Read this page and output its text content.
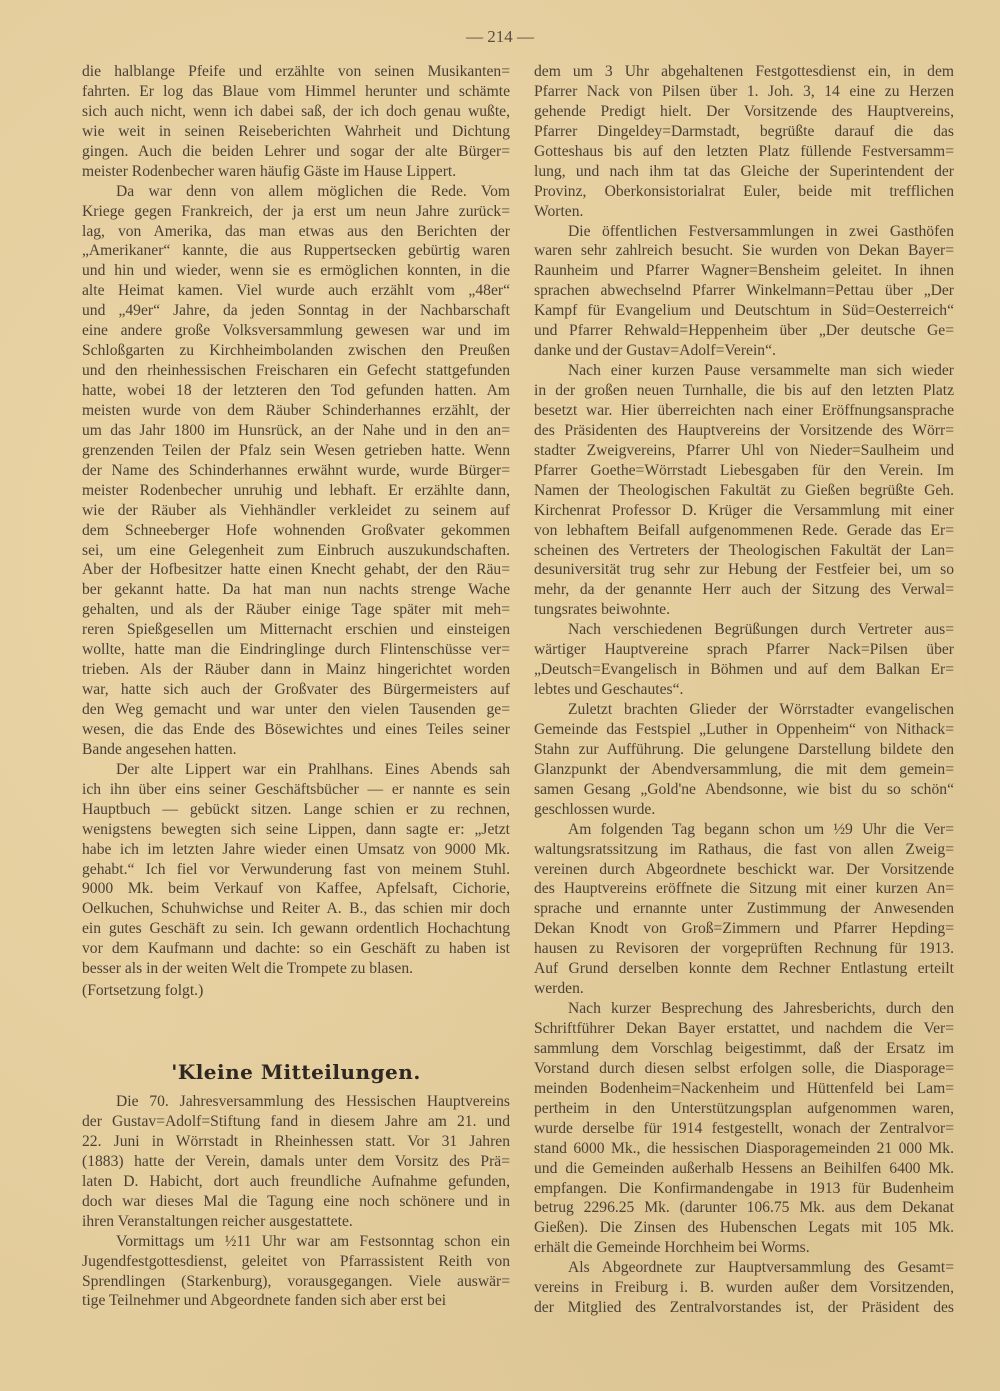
— 214 —
die halblange Pfeife und erzählte von seinen Musikanten=
fahrten. Er log das Blaue vom Himmel herunter und schämte
sich auch nicht, wenn ich dabei saß, der ich doch genau wußte,
wie weit in seinen Reiseberichten Wahrheit und Dichtung
gingen. Auch die beiden Lehrer und sogar der alte Bürger=
meister Rodenbecher waren häufig Gäste im Hause Lippert.
Da war denn von allem möglichen die Rede. Vom
Kriege gegen Frankreich, der ja erst um neun Jahre zurück=
lag, von Amerika, das man etwas aus den Berichten der
„Amerikaner“ kannte, die aus Ruppertsecken gebürtig waren
und hin und wieder, wenn sie es ermöglichen konnten, in die
alte Heimat kamen. Viel wurde auch erzählt vom „48er“
und „49er“ Jahre, da jeden Sonntag in der Nachbarschaft
eine andere große Volksversammlung gewesen war und im
Schloßgarten zu Kirchheimbolanden zwischen den Preußen
und den rheinhessischen Freischaren ein Gefecht stattgefunden
hatte, wobei 18 der letzteren den Tod gefunden hatten. Am
meisten wurde von dem Räuber Schinderhannes erzählt, der
um das Jahr 1800 im Hunsrück, an der Nahe und in den an=
grenzenden Teilen der Pfalz sein Wesen getrieben hatte. Wenn
der Name des Schinderhannes erwähnt wurde, wurde Bürger=
meister Rodenbecher unruhig und lebhaft. Er erzählte dann,
wie der Räuber als Viehhändler verkleidet zu seinem auf
dem Schneeberger Hofe wohnenden Großvater gekommen
sei, um eine Gelegenheit zum Einbruch auszukundschaften.
Aber der Hofbesitzer hatte einen Knecht gehabt, der den Räu=
ber gekannt hatte. Da hat man nun nachts strenge Wache
gehalten, und als der Räuber einige Tage später mit meh=
reren Spießgesellen um Mitternacht erschien und einsteigen
wollte, hatte man die Eindringlinge durch Flintenschüsse ver=
trieben. Als der Räuber dann in Mainz hingerichtet worden
war, hatte sich auch der Großvater des Bürgermeisters auf
den Weg gemacht und war unter den vielen Tausenden ge=
wesen, die das Ende des Bösewichtes und eines Teiles seiner
Bande angesehen hatten.
Der alte Lippert war ein Prahlhans. Eines Abends sah
ich ihn über eins seiner Geschäftsbücher — er nannte es sein
Hauptbuch — gebückt sitzen. Lange schien er zu rechnen,
wenigstens bewegten sich seine Lippen, dann sagte er: „Jetzt
habe ich im letzten Jahre wieder einen Umsatz von 9000 Mk.
gehabt.“ Ich fiel vor Verwunderung fast von meinem Stuhl.
9000 Mk. beim Verkauf von Kaffee, Apfelsaft, Cichorie,
Oelkuchen, Schuhwichse und Reiter A. B., das schien mir doch
ein gutes Geschäft zu sein. Ich gewann ordentlich Hochachtung
vor dem Kaufmann und dachte: so ein Geschäft zu haben ist
besser als in der weiten Welt die Trompete zu blasen.
(Fortsetzung folgt.)
'Kleine Mitteilungen.
Die 70. Jahresversammlung des Hessischen Hauptvereins
der Gustav=Adolf=Stiftung fand in diesem Jahre am 21. und
22. Juni in Wörrstadt in Rheinhessen statt. Vor 31 Jahren
(1883) hatte der Verein, damals unter dem Vorsitz des Prä=
laten D. Habicht, dort auch freundliche Aufnahme gefunden,
doch war dieses Mal die Tagung eine noch schönere und in
ihren Veranstaltungen reicher ausgestattete.
Vormittags um ½11 Uhr war am Festsonntag schon ein
Jugendfestgottesdienst, geleitet von Pfarrassistent Reith von
Sprendlingen (Starkenburg), vorausgegangen. Viele auswär=
tige Teilnehmer und Abgeordnete fanden sich aber erst bei
dem um 3 Uhr abgehaltenen Festgottesdienst ein, in dem
Pfarrer Nack von Pilsen über 1. Joh. 3, 14 eine zu Herzen
gehende Predigt hielt. Der Vorsitzende des Hauptvereins,
Pfarrer Dingeldey=Darmstadt, begrüßte darauf die das
Gotteshaus bis auf den letzten Platz füllende Festversamm=
lung, und nach ihm tat das Gleiche der Superintendent der
Provinz, Oberkonsistorialrat Euler, beide mit trefflichen
Worten.
Die öffentlichen Festversammlungen in zwei Gasthöfen
waren sehr zahlreich besucht. Sie wurden von Dekan Bayer=
Raunheim und Pfarrer Wagner=Bensheim geleitet. In ihnen
sprachen abwechselnd Pfarrer Winkelmann=Pettau über „Der
Kampf für Evangelium und Deutschtum in Süd=Oesterreich“
und Pfarrer Rehwald=Heppenheim über „Der deutsche Ge=
danke und der Gustav=Adolf=Verein“.
Nach einer kurzen Pause versammelte man sich wieder
in der großen neuen Turnhalle, die bis auf den letzten Platz
besetzt war. Hier überreichten nach einer Eröffnungsansprache
des Präsidenten des Hauptvereins der Vorsitzende des Wörr=
stadter Zweigvereins, Pfarrer Uhl von Nieder=Saulheim und
Pfarrer Goethe=Wörrstadt Liebesgaben für den Verein. Im
Namen der Theologischen Fakultät zu Gießen begrüßte Geh.
Kirchenrat Professor D. Krüger die Versammlung mit einer
von lebhaftem Beifall aufgenommenen Rede. Gerade das Er=
scheinen des Vertreters der Theologischen Fakultät der Lan=
desuniversität trug sehr zur Hebung der Festfeier bei, um so
mehr, da der genannte Herr auch der Sitzung des Verwal=
tungsrates beiwohnte.
Nach verschiedenen Begrüßungen durch Vertreter aus=
wärtiger Hauptvereine sprach Pfarrer Nack=Pilsen über
„Deutsch=Evangelisch in Böhmen und auf dem Balkan Er=
lebtes und Geschautes“.
Zuletzt brachten Glieder der Wörrstadter evangelischen
Gemeinde das Festspiel „Luther in Oppenheim“ von Nithack=
Stahn zur Aufführung. Die gelungene Darstellung bildete den
Glanzpunkt der Abendversammlung, die mit dem gemein=
samen Gesang „Gold'ne Abendsonne, wie bist du so schön“
geschlossen wurde.
Am folgenden Tag begann schon um ½9 Uhr die Ver=
waltungsratssitzung im Rathaus, die fast von allen Zweig=
vereinen durch Abgeordnete beschickt war. Der Vorsitzende
des Hauptvereins eröffnete die Sitzung mit einer kurzen An=
sprache und ernannte unter Zustimmung der Anwesenden
Dekan Knodt von Groß=Zimmern und Pfarrer Hepding=
hausen zu Revisoren der vorgeprüften Rechnung für 1913.
Auf Grund derselben konnte dem Rechner Entlastung erteilt
werden.
Nach kurzer Besprechung des Jahresberichts, durch den
Schriftführer Dekan Bayer erstattet, und nachdem die Ver=
sammlung dem Vorschlag beigestimmt, daß der Ersatz im
Vorstand durch diesen selbst erfolgen solle, die Diasporage=
meinden Bodenheim=Nackenheim und Hüttenfeld bei Lam=
pertheim in den Unterstützungsplan aufgenommen waren,
wurde derselbe für 1914 festgestellt, wonach der Zentralvor=
stand 6000 Mk., die hessischen Diasporagemeinden 21 000 Mk.
und die Gemeinden außerhalb Hessens an Beihilfen 6400 Mk.
empfangen. Die Konfirmandengabe in 1913 für Budenheim
betrug 2296.25 Mk. (darunter 106.75 Mk. aus dem Dekanat
Gießen). Die Zinsen des Hubenschen Legats mit 105 Mk.
erhält die Gemeinde Horchheim bei Worms.
Als Abgeordnete zur Hauptversammlung des Gesamt=
vereins in Freiburg i. B. wurden außer dem Vorsitzenden,
der Mitglied des Zentralvorstandes ist, der Präsident des
